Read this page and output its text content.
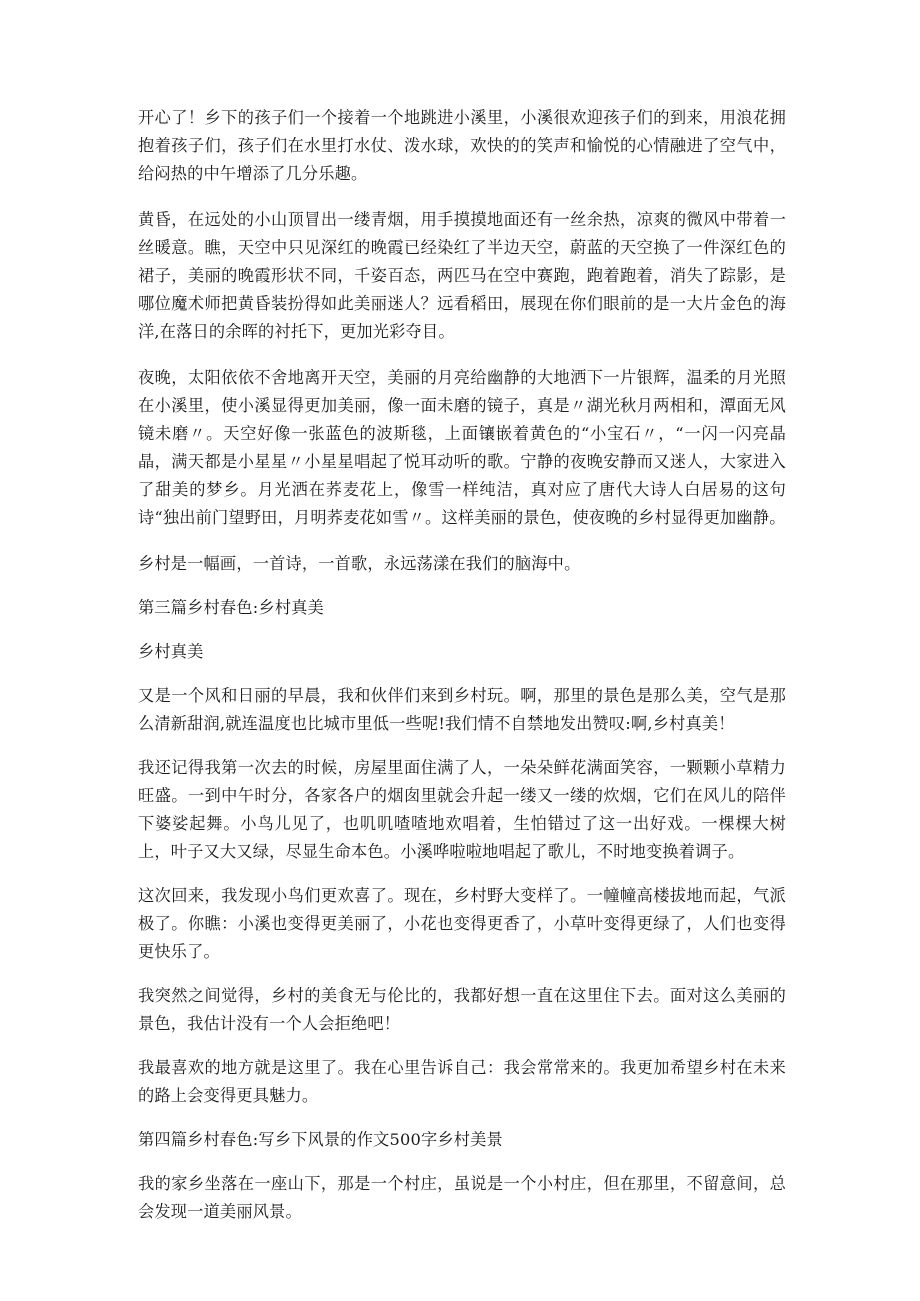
开心了！乡下的孩子们一个接着一个地跳进小溪里，小溪很欢迎孩子们的到来，用浪花拥抱着孩子们，孩子们在水里打水仗、泼水球，欢快的的笑声和愉悦的心情融进了空气中，给闷热的中午增添了几分乐趣。

黄昏，在远处的小山顶冒出一缕青烟，用手摸摸地面还有一丝余热，凉爽的微风中带着一丝暖意。瞧，天空中只见深红的晚霞已经染红了半边天空，蔚蓝的天空换了一件深红色的裙子，美丽的晚霞形状不同，千姿百态，两匹马在空中赛跑，跑着跑着，消失了踪影，是哪位魔术师把黄昏装扮得如此美丽迷人？远看稻田，展现在你们眼前的是一大片金色的海洋,在落日的余晖的衬托下，更加光彩夺目。

夜晚，太阳依依不舍地离开天空，美丽的月亮给幽静的大地洒下一片银辉，温柔的月光照在小溪里，使小溪显得更加美丽，像一面未磨的镜子，真是〃湖光秋月两相和，潭面无风镜未磨〃。天空好像一张蓝色的波斯毯，上面镶嵌着黄色的“小宝石〃，“一闪一闪亮晶晶，满天都是小星星〃小星星唱起了悦耳动听的歌。宁静的夜晚安静而又迷人，大家进入了甜美的梦乡。月光洒在荞麦花上，像雪一样纯洁，真对应了唐代大诗人白居易的这句诗“独出前门望野田，月明荞麦花如雪〃。这样美丽的景色，使夜晚的乡村显得更加幽静。

乡村是一幅画，一首诗，一首歌，永远荡漾在我们的脑海中。

第三篇乡村春色:乡村真美

乡村真美

又是一个风和日丽的早晨，我和伙伴们来到乡村玩。啊，那里的景色是那么美，空气是那么清新甜润,就连温度也比城市里低一些呢!我们情不自禁地发出赞叹:啊,乡村真美！

我还记得我第一次去的时候，房屋里面住满了人，一朵朵鲜花满面笑容，一颗颗小草精力旺盛。一到中午时分，各家各户的烟囱里就会升起一缕又一缕的炊烟，它们在风儿的陪伴下婆娑起舞。小鸟儿见了，也叽叽喳喳地欢唱着，生怕错过了这一出好戏。一棵棵大树上，叶子又大又绿，尽显生命本色。小溪哗啦啦地唱起了歌儿，不时地变换着调子。

这次回来，我发现小鸟们更欢喜了。现在，乡村野大变样了。一幢幢高楼拔地而起，气派极了。你瞧：小溪也变得更美丽了，小花也变得更香了，小草叶变得更绿了，人们也变得更快乐了。

我突然之间觉得，乡村的美食无与伦比的，我都好想一直在这里住下去。面对这么美丽的景色，我估计没有一个人会拒绝吧！

我最喜欢的地方就是这里了。我在心里告诉自己：我会常常来的。我更加希望乡村在未来的路上会变得更具魅力。

第四篇乡村春色:写乡下风景的作文500字乡村美景

我的家乡坐落在一座山下，那是一个村庄，虽说是一个小村庄，但在那里，不留意间，总会发现一道美丽风景。
